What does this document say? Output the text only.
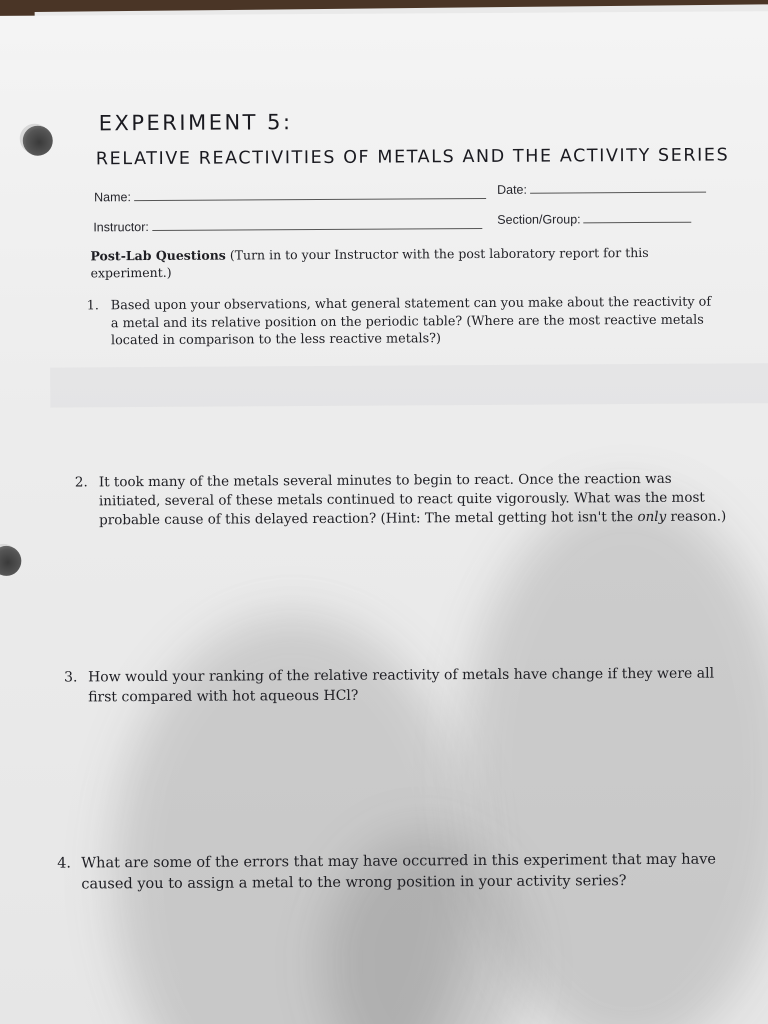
EXPERIMENT 5:
RELATIVE REACTIVITIES OF METALS AND THE ACTIVITY SERIES
Name:
Date:
Instructor:
Section/Group:
Post-Lab Questions (Turn in to your Instructor with the post laboratory report for this experiment.)
1. Based upon your observations, what general statement can you make about the reactivity of a metal and its relative position on the periodic table? (Where are the most reactive metals located in comparison to the less reactive metals?)
2. It took many of the metals several minutes to begin to react. Once the reaction was initiated, several of these metals continued to react quite vigorously. What was the most probable cause of this delayed reaction? (Hint: The metal getting hot isn't the only reason.)
3. How would your ranking of the relative reactivity of metals have change if they were all first compared with hot aqueous HCl?
4. What are some of the errors that may have occurred in this experiment that may have caused you to assign a metal to the wrong position in your activity series?
